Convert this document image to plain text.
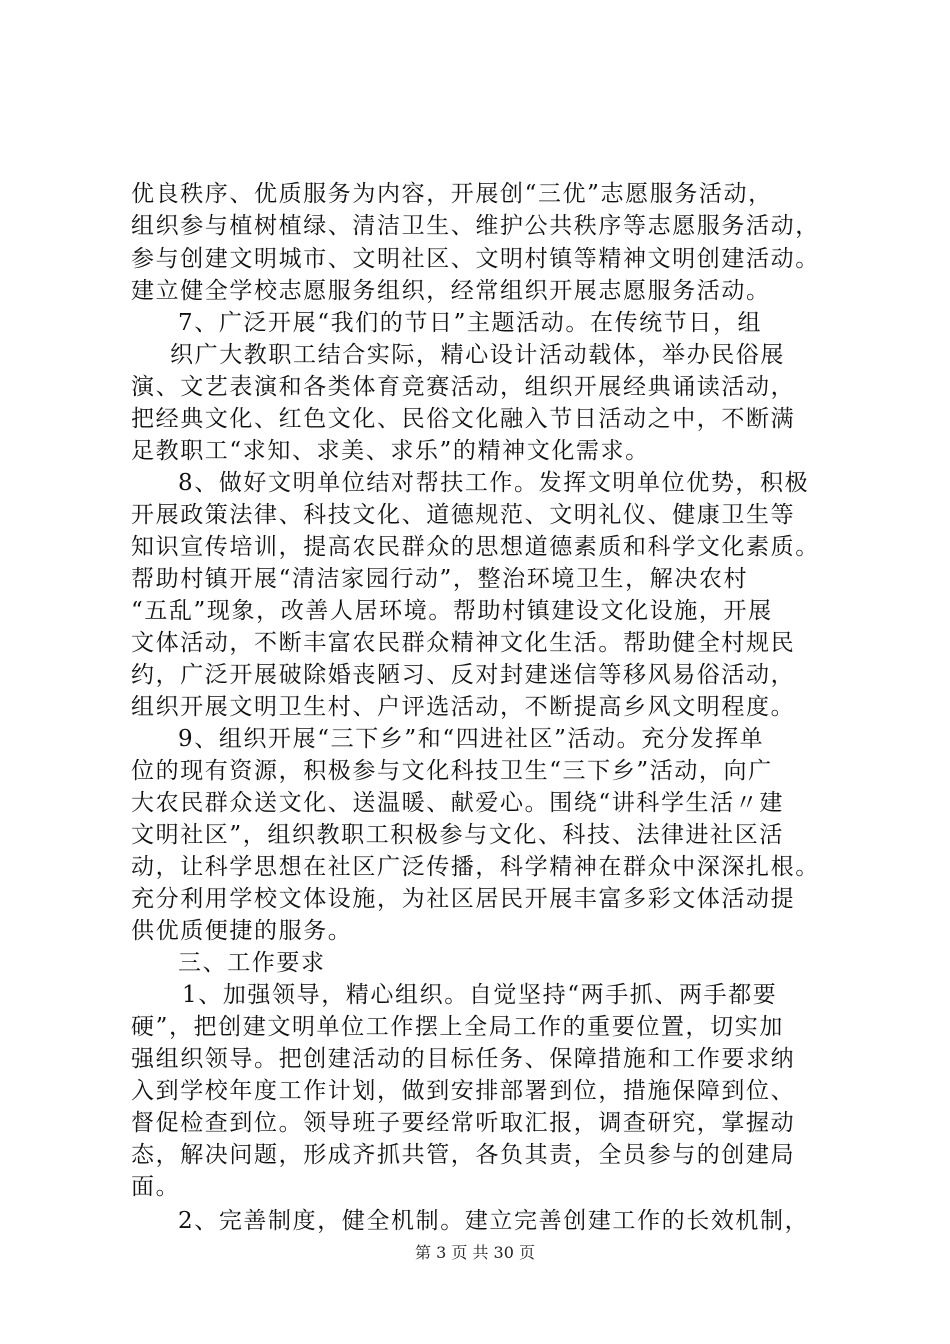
优良秩序、优质服务为内容，开展创“三优”志愿服务活动，
组织参与植树植绿、清洁卫生、维护公共秩序等志愿服务活动，
参与创建文明城市、文明社区、文明村镇等精神文明创建活动。
建立健全学校志愿服务组织，经常组织开展志愿服务活动。
7、广泛开展“我们的节日”主题活动。在传统节日，组
织广大教职工结合实际，精心设计活动载体，举办民俗展
演、文艺表演和各类体育竞赛活动，组织开展经典诵读活动，
把经典文化、红色文化、民俗文化融入节日活动之中，不断满
足教职工“求知、求美、求乐”的精神文化需求。
8、做好文明单位结对帮扶工作。发挥文明单位优势，积极
开展政策法律、科技文化、道德规范、文明礼仪、健康卫生等
知识宣传培训，提高农民群众的思想道德素质和科学文化素质。
帮助村镇开展“清洁家园行动”，整治环境卫生，解决农村
“五乱”现象，改善人居环境。帮助村镇建设文化设施，开展
文体活动，不断丰富农民群众精神文化生活。帮助健全村规民
约，广泛开展破除婚丧陋习、反对封建迷信等移风易俗活动，
组织开展文明卫生村、户评选活动，不断提高乡风文明程度。
9、组织开展“三下乡”和“四进社区”活动。充分发挥单
位的现有资源，积极参与文化科技卫生“三下乡”活动，向广
大农民群众送文化、送温暖、献爱心。围绕“讲科学生活〃建
文明社区”，组织教职工积极参与文化、科技、法律进社区活
动，让科学思想在社区广泛传播，科学精神在群众中深深扎根。
充分利用学校文体设施，为社区居民开展丰富多彩文体活动提
供优质便捷的服务。
三、工作要求
1、加强领导，精心组织。自觉坚持“两手抓、两手都要
硬”，把创建文明单位工作摆上全局工作的重要位置，切实加
强组织领导。把创建活动的目标任务、保障措施和工作要求纳
入到学校年度工作计划，做到安排部署到位，措施保障到位、
督促检查到位。领导班子要经常听取汇报，调查研究，掌握动
态，解决问题，形成齐抓共管，各负其责，全员参与的创建局
面。
2、完善制度，健全机制。建立完善创建工作的长效机制，
第 3 页 共 30 页
